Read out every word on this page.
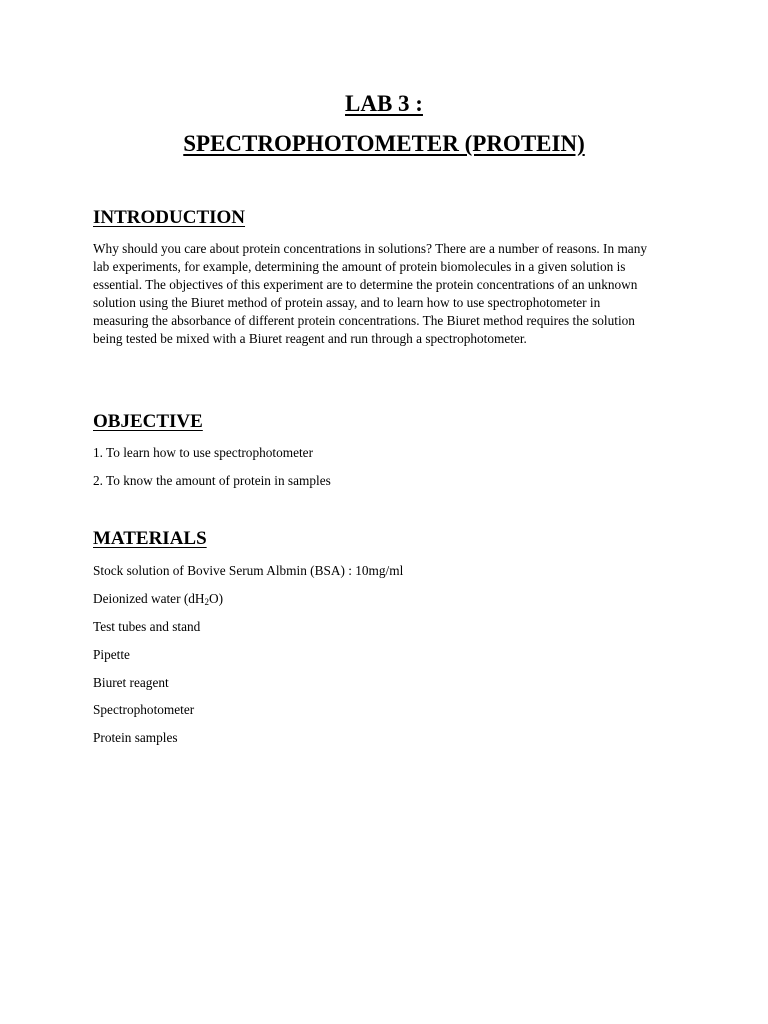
LAB 3 :
SPECTROPHOTOMETER (PROTEIN)
INTRODUCTION

Why should you care about protein concentrations in solutions? There are a number of reasons. In many lab experiments, for example, determining the amount of protein biomolecules in a given solution is essential. The objectives of this experiment are to determine the protein concentrations of an unknown solution using the Biuret method of protein assay, and to learn how to use spectrophotometer in measuring the absorbance of different protein concentrations. The Biuret method requires the solution being tested be mixed with a Biuret reagent and run through a spectrophotometer.

OBJECTIVE

1. To learn how to use spectrophotometer

2. To know the amount of protein in samples

MATERIALS

Stock solution of Bovive Serum Albmin (BSA) : 10mg/ml

Deionized water $(dH_2O)$

Test tubes and stand

Pipette

Biuret reagent

Spectrophotometer

Protein samples
